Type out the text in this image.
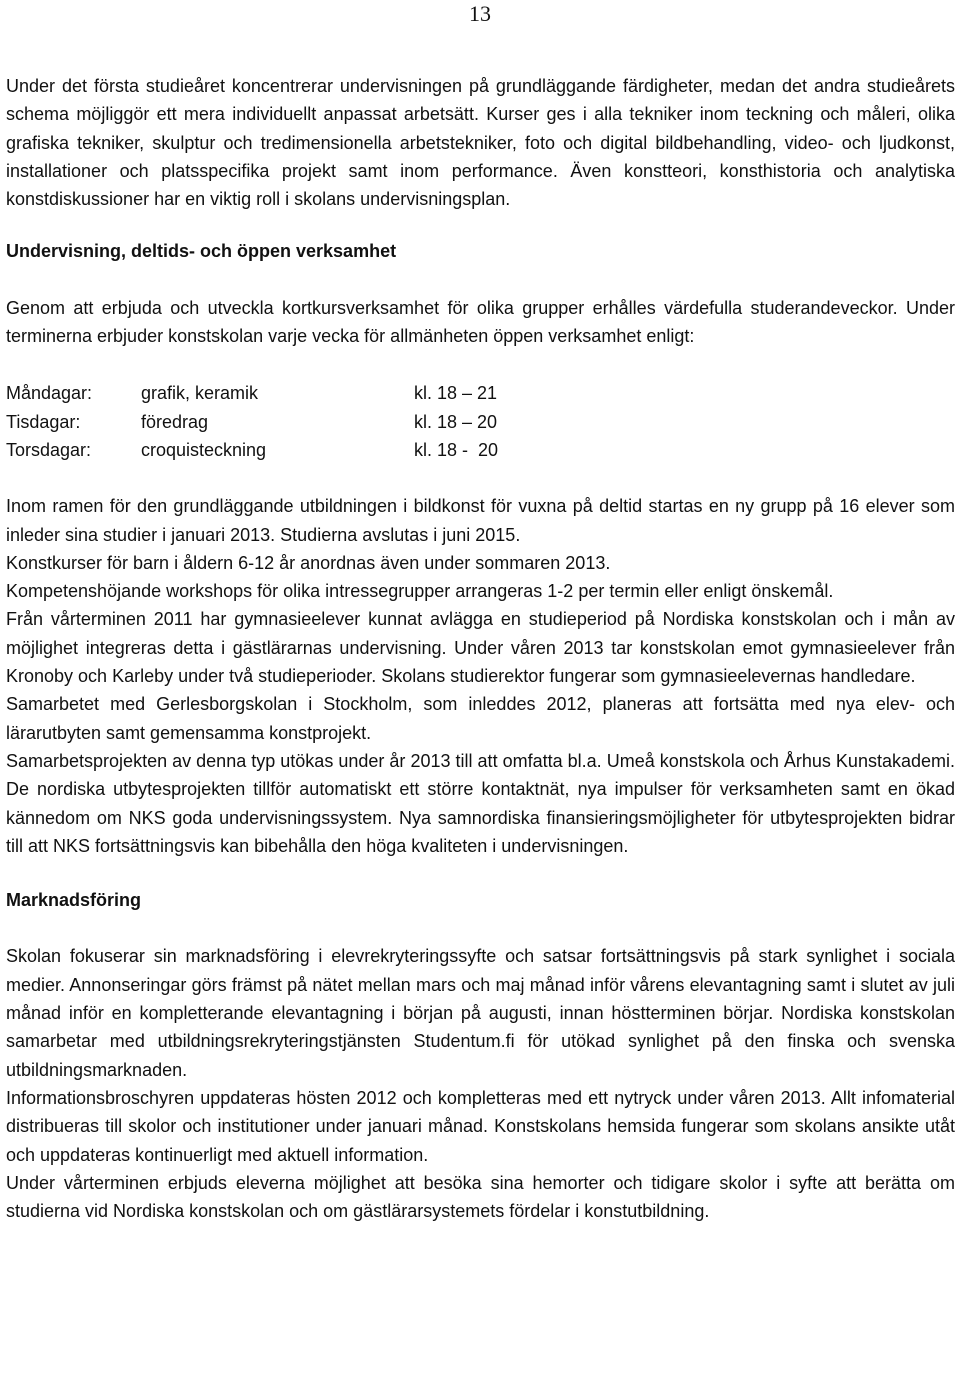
13

Under det första studieåret koncentrerar undervisningen på grundläggande färdigheter, medan det andra studieårets schema möjliggör ett mera individuellt anpassat arbetsätt. Kurser ges i alla tekniker inom teckning och måleri, olika grafiska tekniker, skulptur och tredimensionella arbetstekniker, foto och digital bildbehandling, video- och ljudkonst, installationer och platsspecifika projekt samt inom performance. Även konstteori, konsthistoria och analytiska konstdiskussioner har en viktig roll i skolans undervisningsplan.

Undervisning, deltids- och öppen verksamhet

Genom att erbjuda och utveckla kortkursverksamhet för olika grupper erhålles värdefulla studerandeveckor. Under terminerna erbjuder konstskolan varje vecka för allmänheten öppen verksamhet enligt:

Måndagar:	grafik, keramik	kl. 18 – 21
Tisdagar:	föredrag	kl. 18 – 20
Torsdagar:	croquisteckning	kl. 18 -  20

Inom ramen för den grundläggande utbildningen i bildkonst för vuxna på deltid startas en ny grupp på 16 elever som inleder sina studier i januari 2013. Studierna avslutas i juni 2015.

Konstkurser för barn i åldern 6-12 år anordnas även under sommaren 2013.

Kompetenshöjande workshops för olika intressegrupper arrangeras 1-2 per termin eller enligt önskemål.

Från vårterminen 2011 har gymnasieelever kunnat avlägga en studieperiod på Nordiska konstskolan och i mån av möjlighet integreras detta i gästlärarnas undervisning. Under våren 2013 tar konstskolan emot gymnasieelever från Kronoby och Karleby under två studieperioder. Skolans studierektor fungerar som gymnasieelevernas handledare.

Samarbetet med Gerlesborgskolan i Stockholm, som inleddes 2012, planeras att fortsätta med nya elev- och lärarutbyten samt gemensamma konstprojekt.

Samarbetsprojekten av denna typ utökas under år 2013 till att omfatta bl.a. Umeå konstskola och Århus Kunstakademi. De nordiska utbytesprojekten tillför automatiskt ett större kontaktnät, nya impulser för verksamheten samt en ökad kännedom om NKS goda undervisningssystem. Nya samnordiska finansieringsmöjligheter för utbytesprojekten bidrar till att NKS fortsättningsvis kan bibehålla den höga kvaliteten i undervisningen.

Marknadsföring

Skolan fokuserar sin marknadsföring i elevrekryteringssyfte och satsar fortsättningsvis på stark synlighet i sociala medier. Annonseringar görs främst på nätet mellan mars och maj månad inför vårens elevantagning samt i slutet av juli månad inför en kompletterande elevantagning i början på augusti, innan höstterminen börjar. Nordiska konstskolan samarbetar med utbildningsrekryteringstjänsten Studentum.fi för utökad synlighet på den finska och svenska utbildningsmarknaden.

Informationsbroschyren uppdateras hösten 2012 och kompletteras med ett nytryck under våren 2013. Allt infomaterial distribueras till skolor och institutioner under januari månad. Konstskolans hemsida fungerar som skolans ansikte utåt och uppdateras kontinuerligt med aktuell information.

Under vårterminen erbjuds eleverna möjlighet att besöka sina hemorter och tidigare skolor i syfte att berätta om studierna vid Nordiska konstskolan och om gästlärarsystemets fördelar i konstutbildning.
